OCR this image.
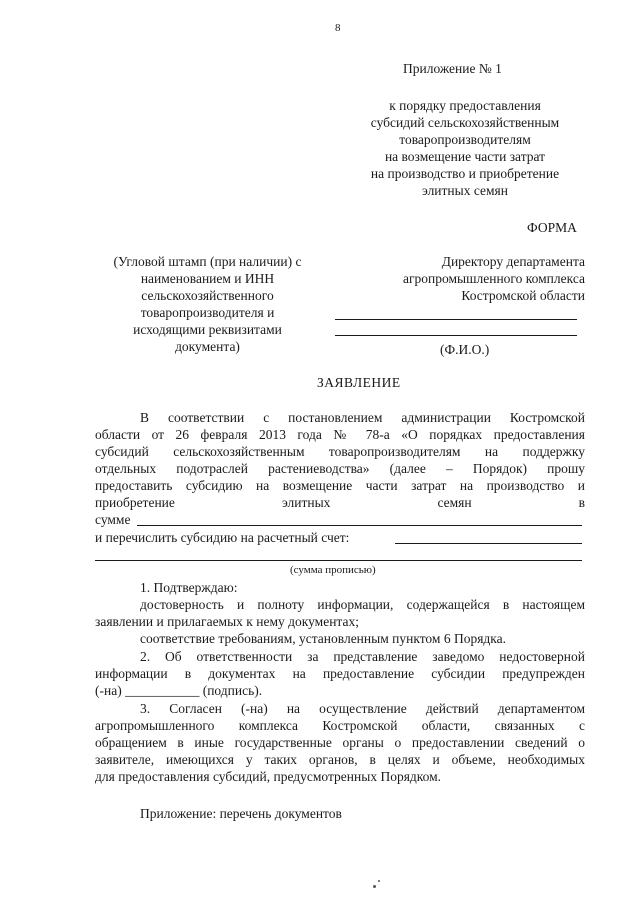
8
Приложение № 1
к порядку предоставления
субсидий сельскохозяйственным
товаропроизводителям
на возмещение части затрат
на производство и приобретение
элитных семян
ФОРМА
(Угловой штамп (при наличии) с
наименованием и ИНН
сельскохозяйственного
товаропроизводителя и
исходящими реквизитами
документа)
Директору департамента
агропромышленного комплекса
Костромской области
(Ф.И.О.)
ЗАЯВЛЕНИЕ
В соответствии с постановлением администрации Костромской
области от 26 февраля 2013 года № 78-а «О порядках предоставления
субсидий сельскохозяйственным товаропроизводителям на поддержку
отдельных подотраслей растениеводства» (далее – Порядок) прошу
предоставить субсидию на возмещение части затрат на производство и
приобретение элитных семян в
сумме
и перечислить субсидию на расчетный счет:
(сумма прописью)
1. Подтверждаю:
достоверность и полноту информации, содержащейся в настоящем
заявлении и прилагаемых к нему документах;
соответствие требованиям, установленным пунктом 6 Порядка.
2. Об ответственности за представление заведомо недостоверной
информации в документах на предоставление субсидии предупрежден
(-на) ___________ (подпись).
3. Согласен (-на) на осуществление действий департаментом
агропромышленного комплекса Костромской области, связанных с
обращением в иные государственные органы о предоставлении сведений о
заявителе, имеющихся у таких органов, в целях и объеме, необходимых
для предоставления субсидий, предусмотренных Порядком.
Приложение: перечень документов
